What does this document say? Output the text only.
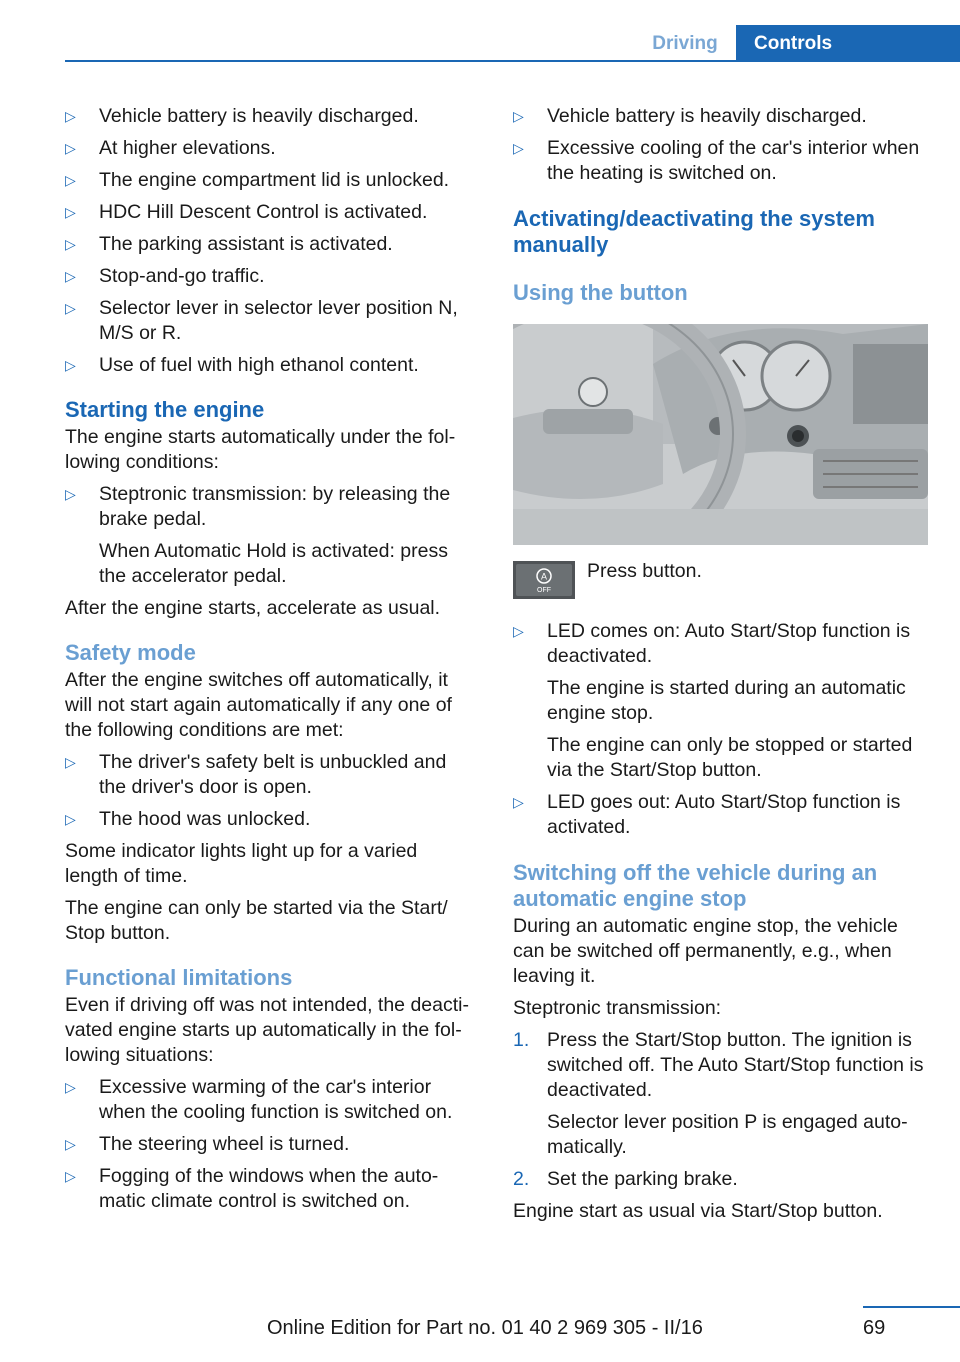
Driving	Controls
▷ Vehicle battery is heavily discharged.
▷ At higher elevations.
▷ The engine compartment lid is unlocked.
▷ HDC Hill Descent Control is activated.
▷ The parking assistant is activated.
▷ Stop-and-go traffic.
▷ Selector lever in selector lever position N, M/S or R.
▷ Use of fuel with high ethanol content.
Starting the engine
The engine starts automatically under the fol‐ lowing conditions:
▷ Steptronic transmission: by releasing the brake pedal.
When Automatic Hold is activated: press the accelerator pedal.
After the engine starts, accelerate as usual.
Safety mode
After the engine switches off automatically, it will not start again automatically if any one of the following conditions are met:
▷ The driver's safety belt is unbuckled and the driver's door is open.
▷ The hood was unlocked.
Some indicator lights light up for a varied length of time.
The engine can only be started via the Start/ Stop button.
Functional limitations
Even if driving off was not intended, the deacti‐ vated engine starts up automatically in the fol‐ lowing situations:
▷ Excessive warming of the car's interior when the cooling function is switched on.
▷ The steering wheel is turned.
▷ Fogging of the windows when the auto‐ matic climate control is switched on.
▷ Vehicle battery is heavily discharged.
▷ Excessive cooling of the car's interior when the heating is switched on.
Activating/deactivating the system manually
Using the button
A
OFF
Press button.
▷ LED comes on: Auto Start/Stop function is deactivated.
The engine is started during an automatic engine stop.
The engine can only be stopped or started via the Start/Stop button.
▷ LED goes out: Auto Start/Stop function is activated.
Switching off the vehicle during an automatic engine stop
During an automatic engine stop, the vehicle can be switched off permanently, e.g., when leaving it.
Steptronic transmission:
1. Press the Start/Stop button. The ignition is switched off. The Auto Start/Stop function is deactivated.
Selector lever position P is engaged auto‐ matically.
2. Set the parking brake.
Engine start as usual via Start/Stop button.
69
Online Edition for Part no. 01 40 2 969 305 - II/16
